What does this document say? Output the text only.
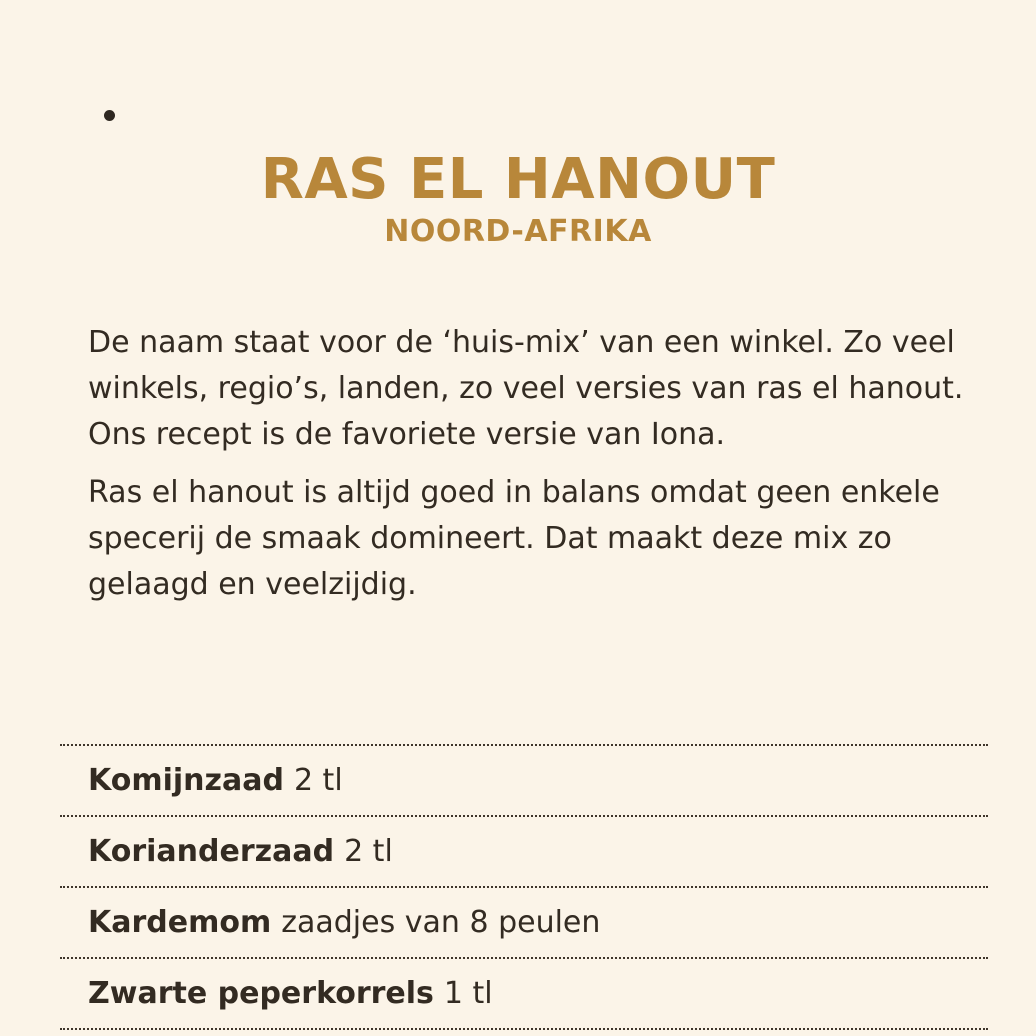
RAS EL HANOUT
NOORD-AFRIKA

De naam staat voor de ‘huis-mix’ van een winkel. Zo veel winkels, regio’s, landen, zo veel versies van ras el hanout. Ons recept is de favoriete versie van Iona.

Ras el hanout is altijd goed in balans omdat geen enkele specerij de smaak domineert. Dat maakt deze mix zo gelaagd en veelzijdig.

Komijnzaad 2 tl
Korianderzaad 2 tl
Kardemom zaadjes van 8 peulen
Zwarte peperkorrels 1 tl
